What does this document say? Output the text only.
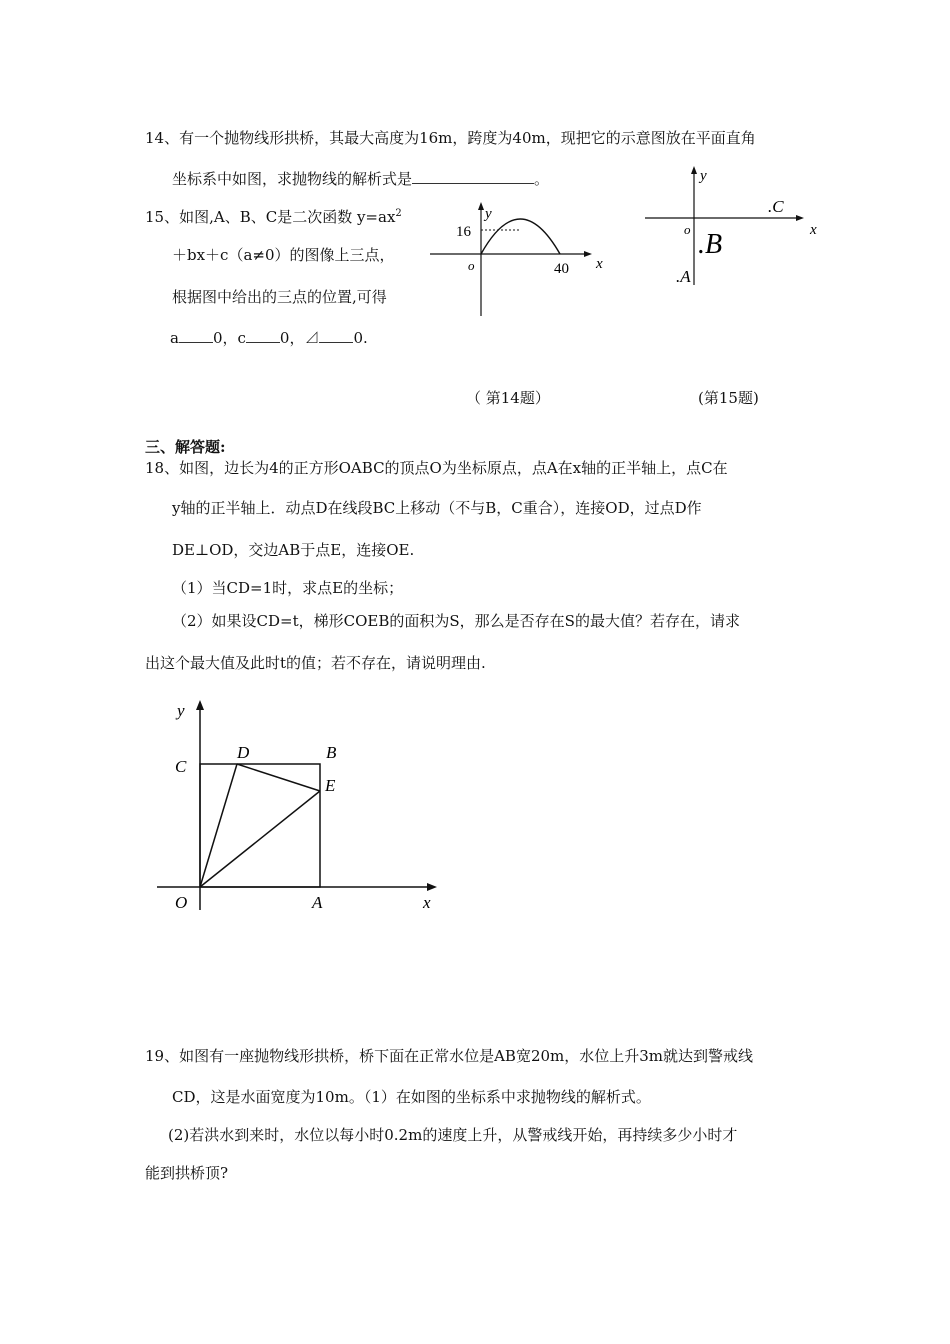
14、有一个抛物线形拱桥，其最大高度为16m，跨度为40m，现把它的示意图放在平面直角
坐标系中如图，求抛物线的解析式是	。
15、如图,A、B、C是二次函数 $y=ax^2$
＋bx＋c（a≠0）的图像上三点，
根据图中给出的三点的位置,可得
a 0，c 0，⊿ 0.
y
x
o
16
40
y
x
o
.C
.B
.A
（ 第14题）	(第15题)
三、解答题:
18、如图，边长为4的正方形OABC的顶点O为坐标原点，点A在x轴的正半轴上，点C在
y轴的正半轴上．动点D在线段BC上移动（不与B，C重合），连接OD，过点D作
DE⊥OD，交边AB于点E，连接OE.
（1）当CD=1时，求点E的坐标；
（2）如果设CD=t，梯形COEB的面积为S，那么是否存在S的最大值？若存在，请求
出这个最大值及此时t的值；若不存在，请说明理由.
y
x
O	A
B
C
D
E
19、如图有一座抛物线形拱桥，桥下面在正常水位是AB宽20m，水位上升3m就达到警戒线
CD，这是水面宽度为10m。（1）在如图的坐标系中求抛物线的解析式。
(2)若洪水到来时，水位以每小时0.2m的速度上升，从警戒线开始，再持续多少小时才
能到拱桥顶?
